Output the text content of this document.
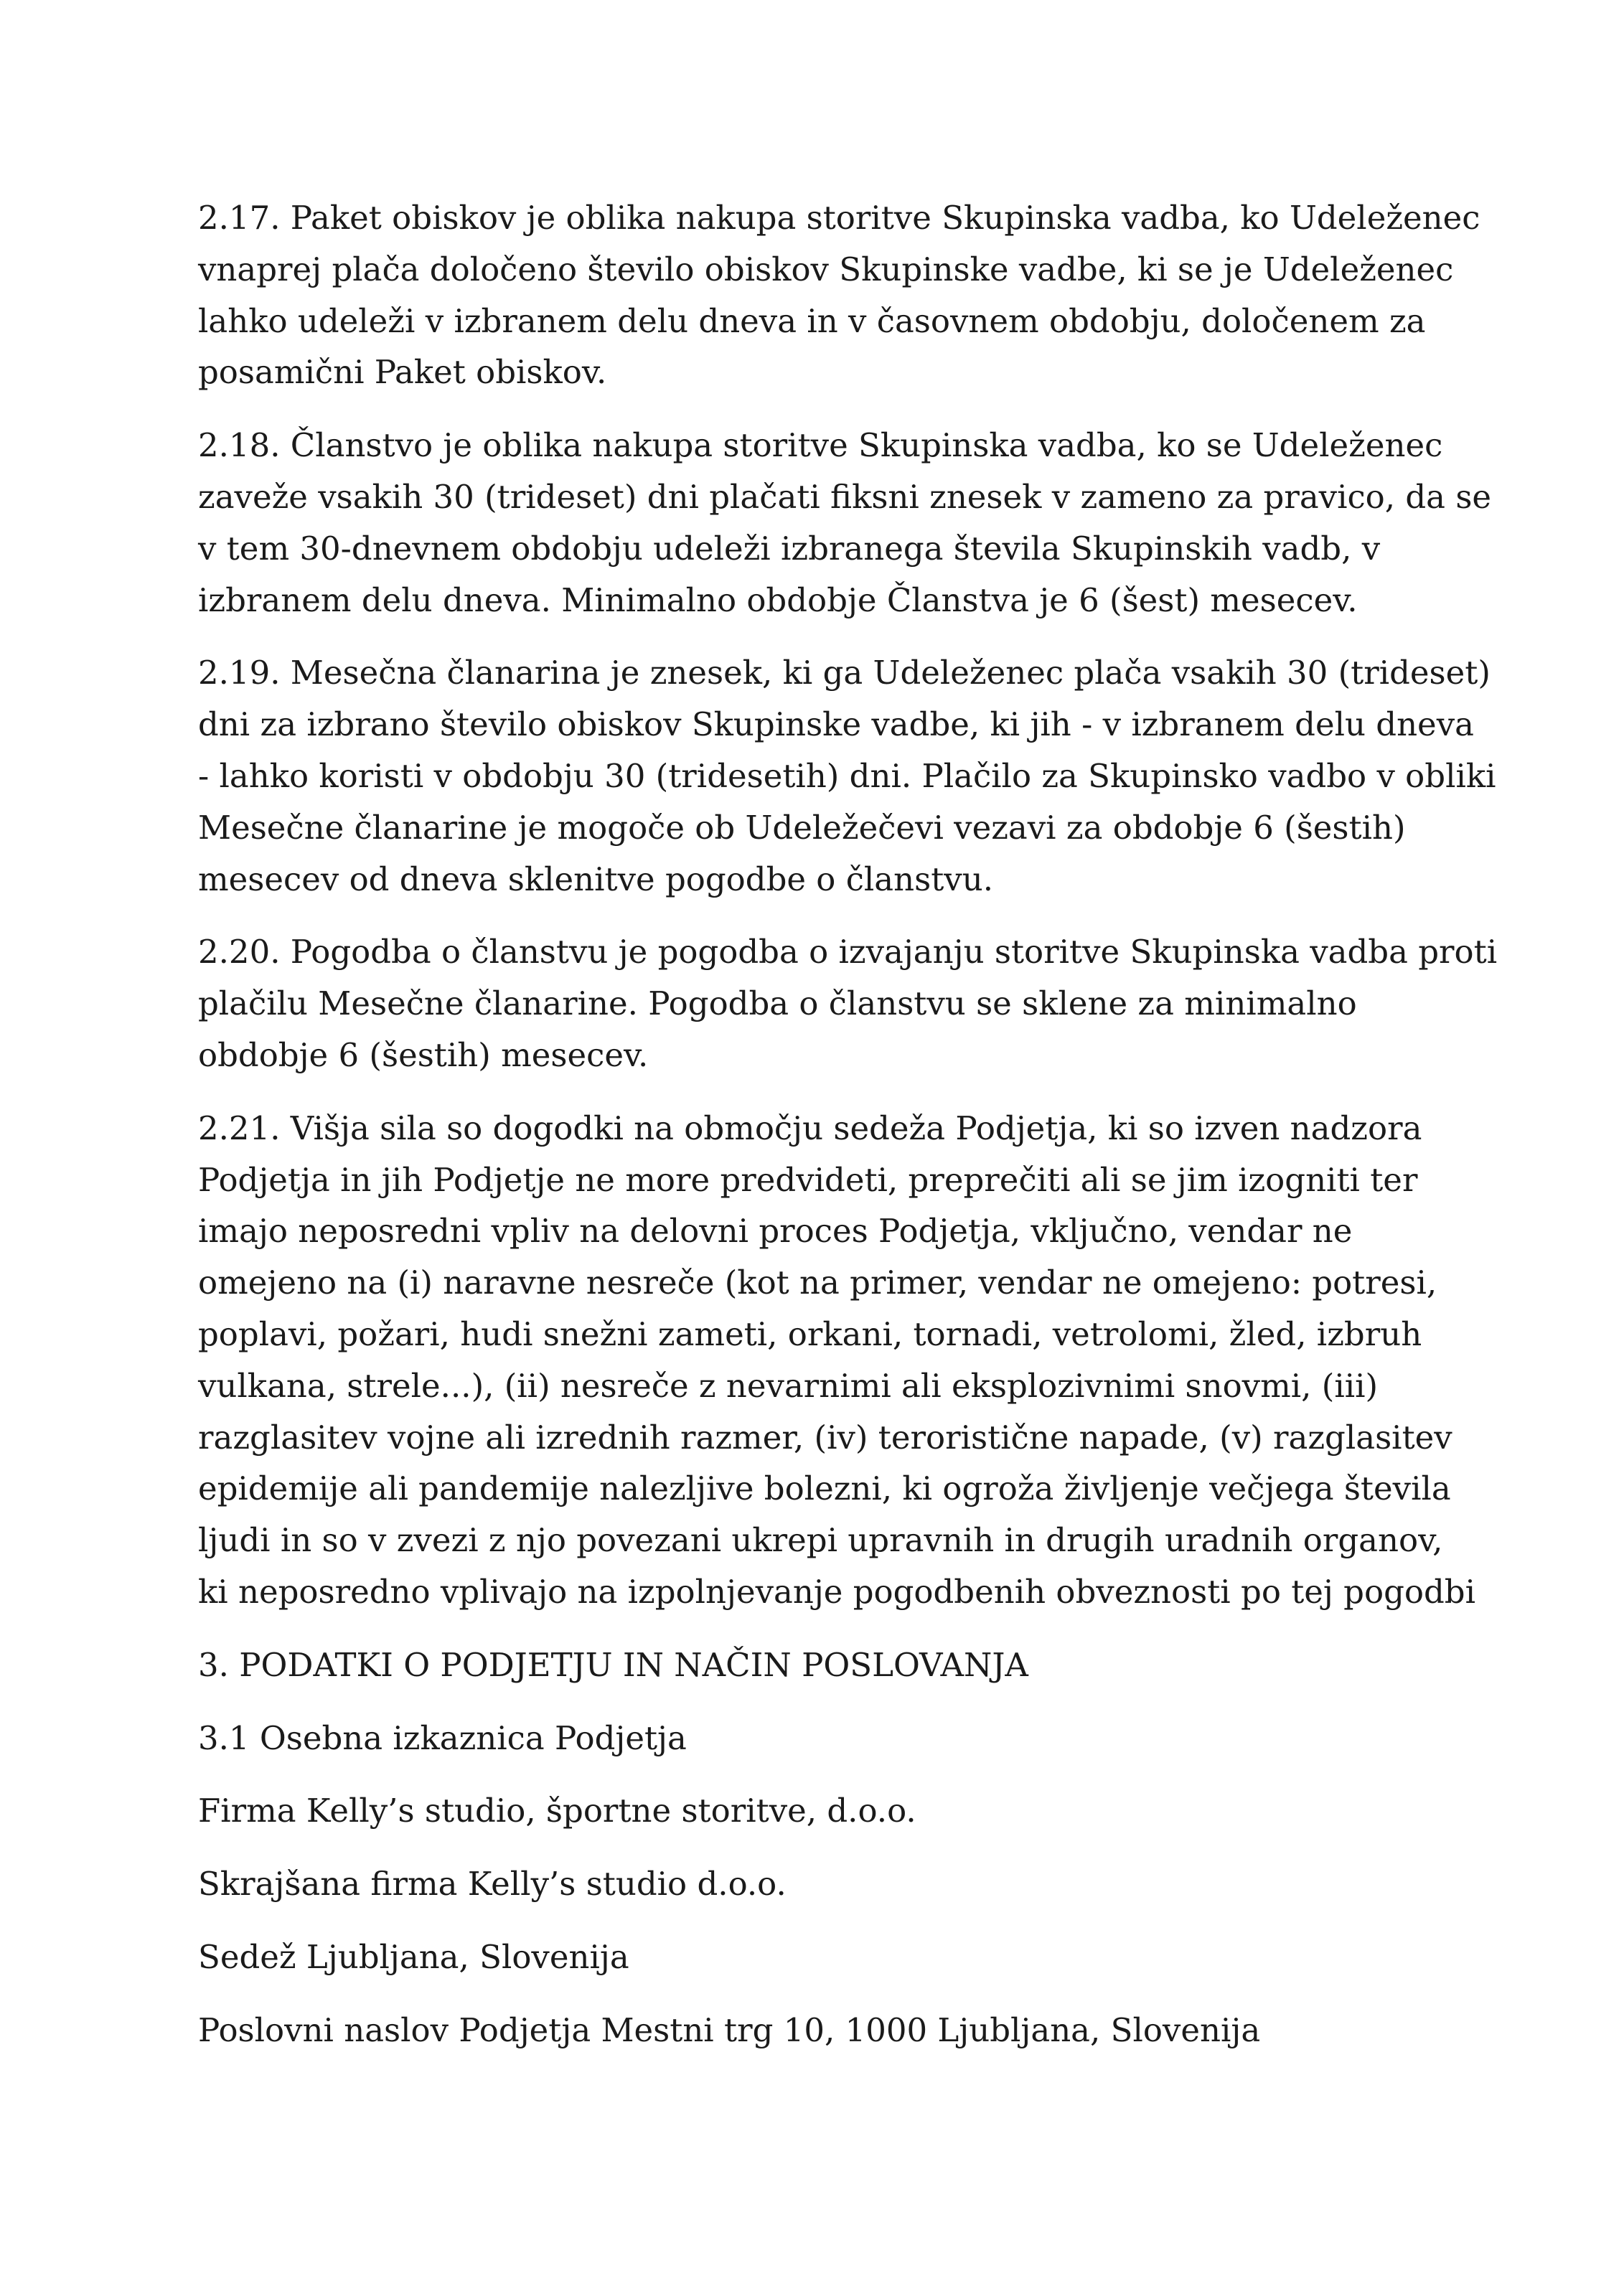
2.17. Paket obiskov je oblika nakupa storitve Skupinska vadba, ko Udeleženec
vnaprej plača določeno število obiskov Skupinske vadbe, ki se je Udeleženec
lahko udeleži v izbranem delu dneva in v časovnem obdobju, določenem za
posamični Paket obiskov.

2.18. Članstvo je oblika nakupa storitve Skupinska vadba, ko se Udeleženec
zaveže vsakih 30 (trideset) dni plačati fiksni znesek v zameno za pravico, da se
v tem 30-dnevnem obdobju udeleži izbranega števila Skupinskih vadb, v
izbranem delu dneva. Minimalno obdobje Članstva je 6 (šest) mesecev.

2.19. Mesečna članarina je znesek, ki ga Udeleženec plača vsakih 30 (trideset)
dni za izbrano število obiskov Skupinske vadbe, ki jih - v izbranem delu dneva
- lahko koristi v obdobju 30 (tridesetih) dni. Plačilo za Skupinsko vadbo v obliki
Mesečne članarine je mogoče ob Udeležečevi vezavi za obdobje 6 (šestih)
mesecev od dneva sklenitve pogodbe o članstvu.

2.20. Pogodba o članstvu je pogodba o izvajanju storitve Skupinska vadba proti
plačilu Mesečne članarine. Pogodba o članstvu se sklene za minimalno
obdobje 6 (šestih) mesecev.

2.21. Višja sila so dogodki na območju sedeža Podjetja, ki so izven nadzora
Podjetja in jih Podjetje ne more predvideti, preprečiti ali se jim izogniti ter
imajo neposredni vpliv na delovni proces Podjetja, vključno, vendar ne
omejeno na (i) naravne nesreče (kot na primer, vendar ne omejeno: potresi,
poplavi, požari, hudi snežni zameti, orkani, tornadi, vetrolomi, žled, izbruh
vulkana, strele...), (ii) nesreče z nevarnimi ali eksplozivnimi snovmi, (iii)
razglasitev vojne ali izrednih razmer, (iv) teroristične napade, (v) razglasitev
epidemije ali pandemije nalezljive bolezni, ki ogroža življenje večjega števila
ljudi in so v zvezi z njo povezani ukrepi upravnih in drugih uradnih organov,
ki neposredno vplivajo na izpolnjevanje pogodbenih obveznosti po tej pogodbi

3. PODATKI O PODJETJU IN NAČIN POSLOVANJA

3.1 Osebna izkaznica Podjetja

Firma Kelly’s studio, športne storitve, d.o.o.

Skrajšana firma Kelly’s studio d.o.o.

Sedež Ljubljana, Slovenija

Poslovni naslov Podjetja Mestni trg 10, 1000 Ljubljana, Slovenija
